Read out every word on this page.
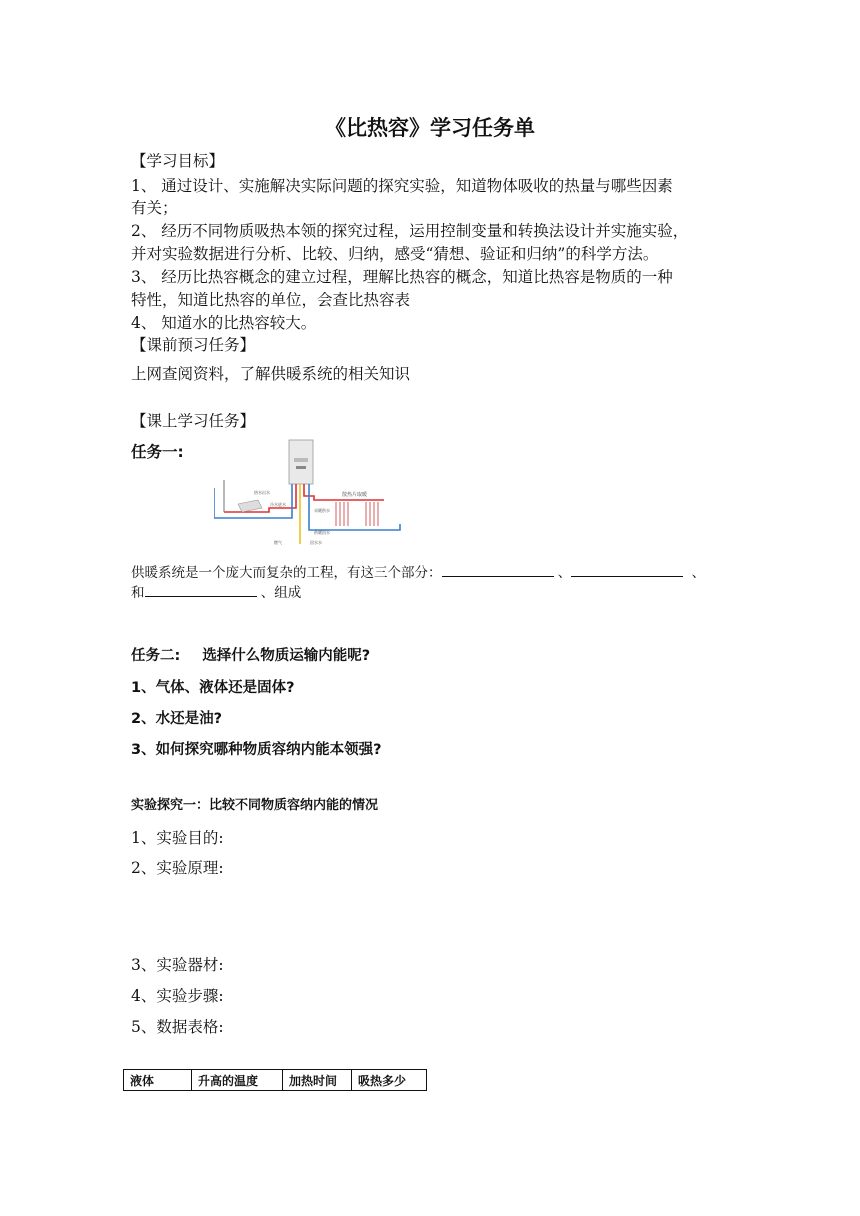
《比热容》学习任务单
【学习目标】
1、 通过设计、实施解决实际问题的探究实验，知道物体吸收的热量与哪些因素
有关；
2、 经历不同物质吸热本领的探究过程，运用控制变量和转换法设计并实施实验，
并对实验数据进行分析、比较、归纳，感受“猜想、验证和归纳”的科学方法。
3、 经历比热容概念的建立过程，理解比热容的概念，知道比热容是物质的一种
特性，知道比热容的单位，会查比热容表
4、 知道水的比热容较大。
【课前预习任务】
上网查阅资料，了解供暖系统的相关知识
【课上学习任务】
任务一:
散热片取暖
热水出水
冷水进水
供暖回水
采暖供水
燃气	回水水
供暖系统是一个庞大而复杂的工程，有这三个部分：	、	、
和	、组成
任务二: 选择什么物质运输内能呢?
1、气体、液体还是固体?
2、水还是油?
3、如何探究哪种物质容纳内能本领强?
实验探究一：比较不同物质容纳内能的情况
1、实验目的:
2、实验原理:
3、实验器材:
4、实验步骤:
5、数据表格:
液体	升高的温度	加热时间	吸热多少
